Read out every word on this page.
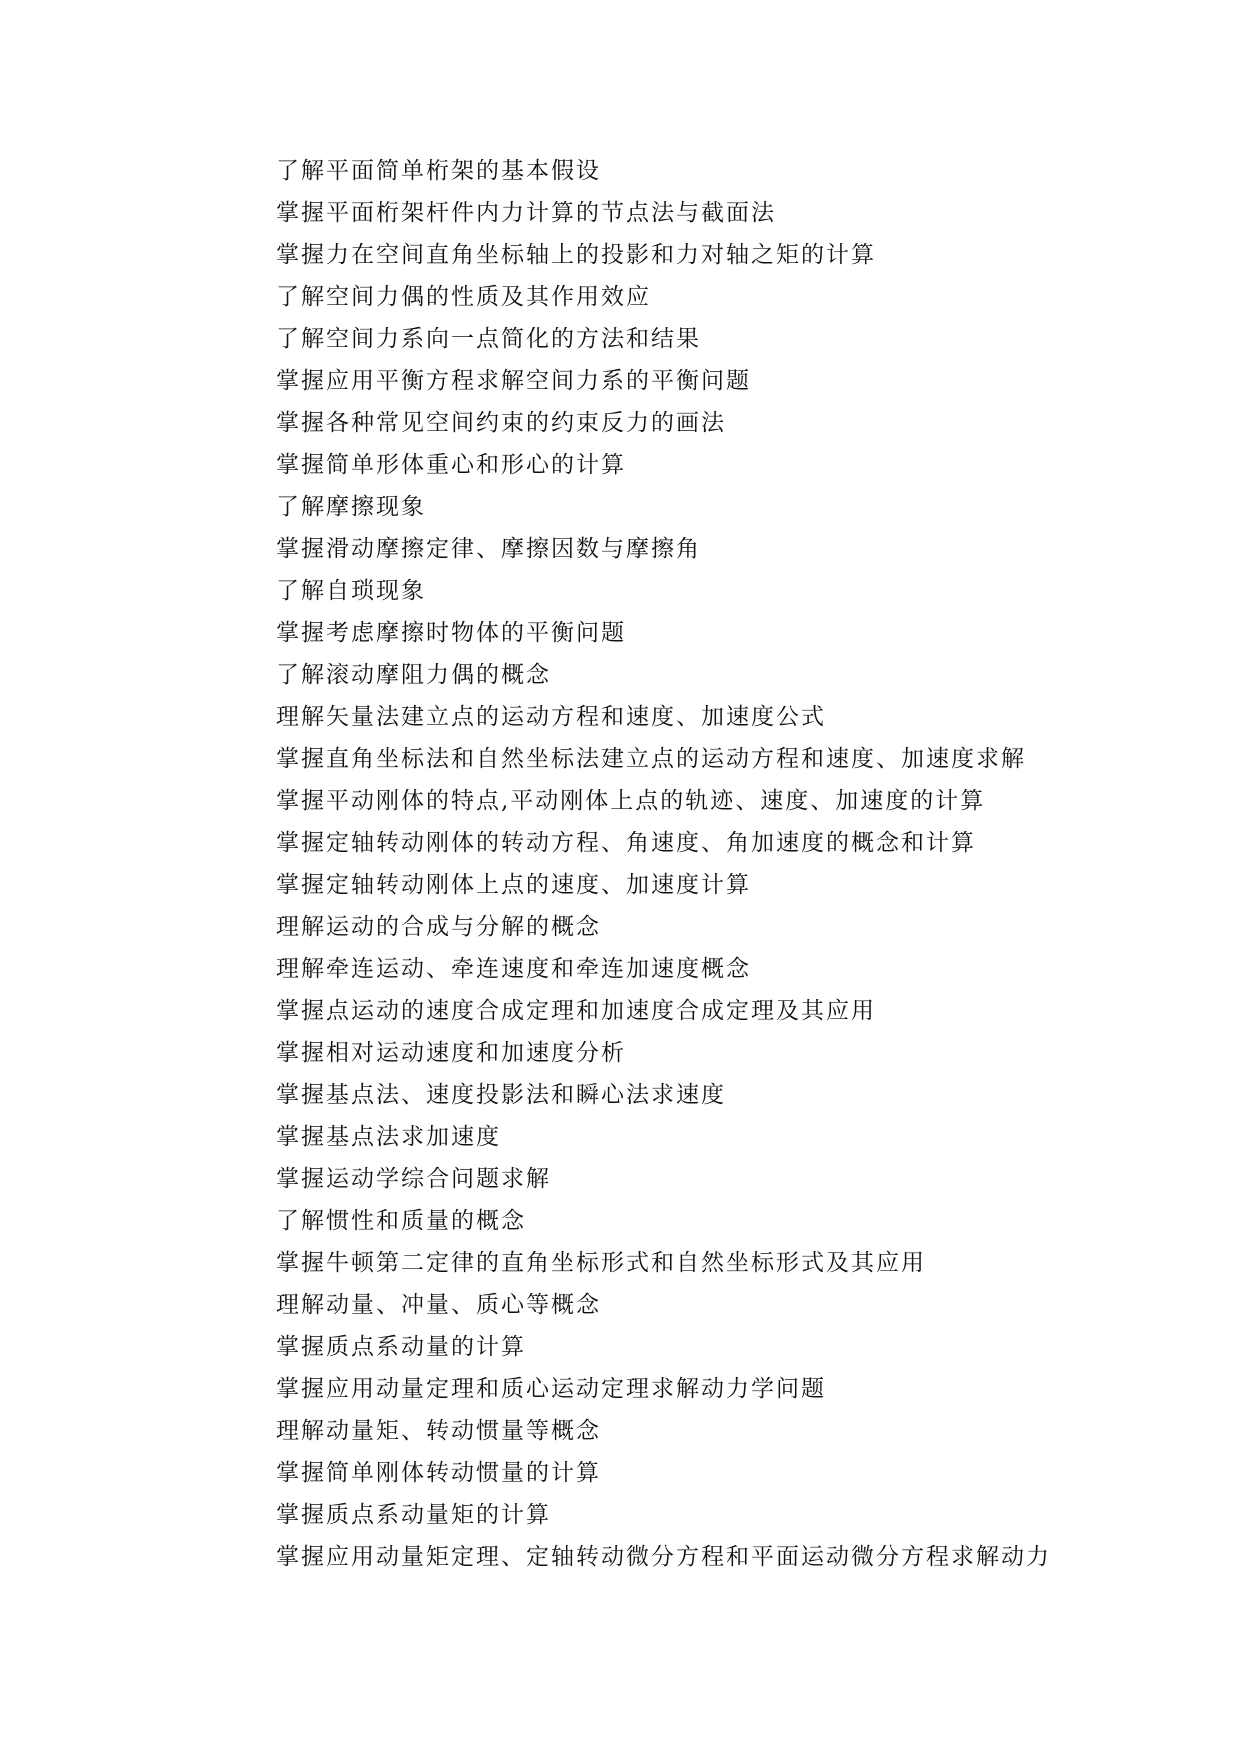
了解平面简单桁架的基本假设
掌握平面桁架杆件内力计算的节点法与截面法
掌握力在空间直角坐标轴上的投影和力对轴之矩的计算
了解空间力偶的性质及其作用效应
了解空间力系向一点简化的方法和结果
掌握应用平衡方程求解空间力系的平衡问题
掌握各种常见空间约束的约束反力的画法
掌握简单形体重心和形心的计算
了解摩擦现象
掌握滑动摩擦定律、摩擦因数与摩擦角
了解自琐现象
掌握考虑摩擦时物体的平衡问题
了解滚动摩阻力偶的概念
理解矢量法建立点的运动方程和速度、加速度公式
掌握直角坐标法和自然坐标法建立点的运动方程和速度、加速度求解
掌握平动刚体的特点,平动刚体上点的轨迹、速度、加速度的计算
掌握定轴转动刚体的转动方程、角速度、角加速度的概念和计算
掌握定轴转动刚体上点的速度、加速度计算
理解运动的合成与分解的概念
理解牵连运动、牵连速度和牵连加速度概念
掌握点运动的速度合成定理和加速度合成定理及其应用
掌握相对运动速度和加速度分析
掌握基点法、速度投影法和瞬心法求速度
掌握基点法求加速度
掌握运动学综合问题求解
了解惯性和质量的概念
掌握牛顿第二定律的直角坐标形式和自然坐标形式及其应用
理解动量、冲量、质心等概念
掌握质点系动量的计算
掌握应用动量定理和质心运动定理求解动力学问题
理解动量矩、转动惯量等概念
掌握简单刚体转动惯量的计算
掌握质点系动量矩的计算
掌握应用动量矩定理、定轴转动微分方程和平面运动微分方程求解动力
